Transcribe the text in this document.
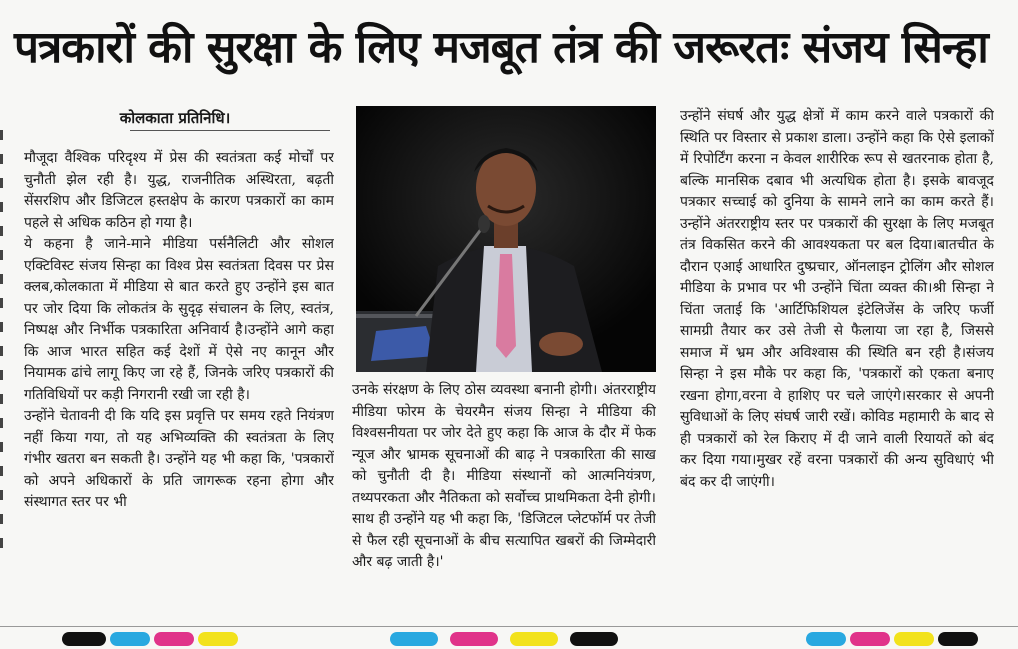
पत्रकारों की सुरक्षा के लिए मजबूत तंत्र की जरूरतः संजय सिन्हा
कोलकाता प्रतिनिधि।

मौजूदा वैश्विक परिदृश्य में प्रेस की स्वतंत्रता कई मोर्चों पर चुनौती झेल रही है। युद्ध, राजनीतिक अस्थिरता, बढ़ती सेंसरशिप और डिजिटल हस्तक्षेप के कारण पत्रकारों का काम पहले से अधिक कठिन हो गया है।

ये कहना है जाने-माने मीडिया पर्सनैलिटी और सोशल एक्टिविस्ट संजय सिन्हा का विश्व प्रेस स्वतंत्रता दिवस पर प्रेस क्लब,कोलकाता में मीडिया से बात करते हुए उन्होंने इस बात पर जोर दिया कि लोकतंत्र के सुदृढ़ संचालन के लिए, स्वतंत्र, निष्पक्ष और निर्भीक पत्रकारिता अनिवार्य है।उन्होंने आगे कहा कि आज भारत सहित कई देशों में ऐसे नए कानून और नियामक ढांचे लागू किए जा रहे हैं, जिनके जरिए पत्रकारों की गतिविधियों पर कड़ी निगरानी रखी जा रही है।

उन्होंने चेतावनी दी कि यदि इस प्रवृत्ति पर समय रहते नियंत्रण नहीं किया गया, तो यह अभिव्यक्ति की स्वतंत्रता के लिए गंभीर खतरा बन सकती है। उन्होंने यह भी कहा कि, 'पत्रकारों को अपने अधिकारों के प्रति जागरूक रहना होगा और संस्थागत स्तर पर भी

उनके संरक्षण के लिए ठोस व्यवस्था बनानी होगी। अंतरराष्ट्रीय मीडिया फोरम के चेयरमैन संजय सिन्हा ने मीडिया की विश्वसनीयता पर जोर देते हुए कहा कि आज के दौर में फेक न्यूज और भ्रामक सूचनाओं की बाढ़ ने पत्रकारिता की साख को चुनौती दी है। मीडिया संस्थानों को आत्मनियंत्रण, तथ्यपरकता और नैतिकता को सर्वोच्च प्राथमिकता देनी होगी। साथ ही उन्होंने यह भी कहा कि, 'डिजिटल प्लेटफॉर्म पर तेजी से फैल रही सूचनाओं के बीच सत्यापित खबरों की जिम्मेदारी और बढ़ जाती है।'

उन्होंने संघर्ष और युद्ध क्षेत्रों में काम करने वाले पत्रकारों की स्थिति पर विस्तार से प्रकाश डाला। उन्होंने कहा कि ऐसे इलाकों में रिपोर्टिंग करना न केवल शारीरिक रूप से खतरनाक होता है, बल्कि मानसिक दबाव भी अत्यधिक होता है। इसके बावजूद पत्रकार सच्चाई को दुनिया के सामने लाने का काम करते हैं। उन्होंने अंतरराष्ट्रीय स्तर पर पत्रकारों की सुरक्षा के लिए मजबूत तंत्र विकसित करने की आवश्यकता पर बल दिया।बातचीत के दौरान एआई आधारित दुष्प्रचार, ऑनलाइन ट्रोलिंग और सोशल मीडिया के प्रभाव पर भी उन्होंने चिंता व्यक्त की।श्री सिन्हा ने चिंता जताई कि 'आर्टिफिशियल इंटेलिजेंस के जरिए फर्जी सामग्री तैयार कर उसे तेजी से फैलाया जा रहा है, जिससे समाज में भ्रम और अविश्वास की स्थिति बन रही है।संजय सिन्हा ने इस मौके पर कहा कि, 'पत्रकारों को एकता बनाए रखना होगा,वरना वे हाशिए पर चले जाएंगे।सरकार से अपनी सुविधाओं के लिए संघर्ष जारी रखें। कोविड महामारी के बाद से ही पत्रकारों को रेल किराए में दी जाने वाली रियायतें को बंद कर दिया गया।मुखर रहें वरना पत्रकारों की अन्य सुविधाएं भी बंद कर दी जाएंगी।
